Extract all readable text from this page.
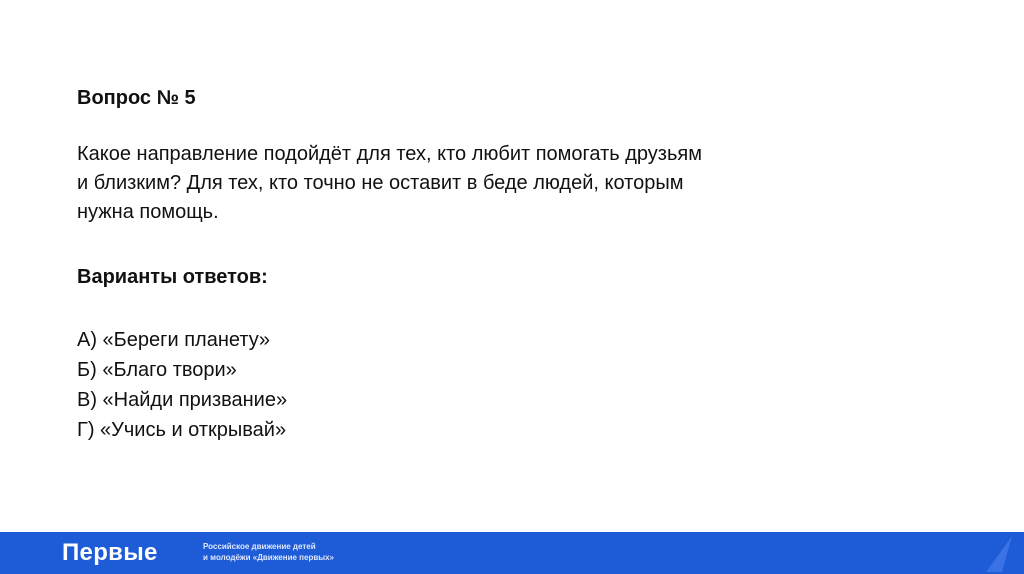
Вопрос № 5

Какое направление подойдёт для тех, кто любит помогать друзьям
и близким? Для тех, кто точно не оставит в беде людей, которым
нужна помощь.

Варианты ответов:

А) «Береги планету»
Б) «Благо твори»
В) «Найди призвание»
Г) «Учись и открывай»
Первые	Российское движение детей
и молодёжи «Движение первых»
